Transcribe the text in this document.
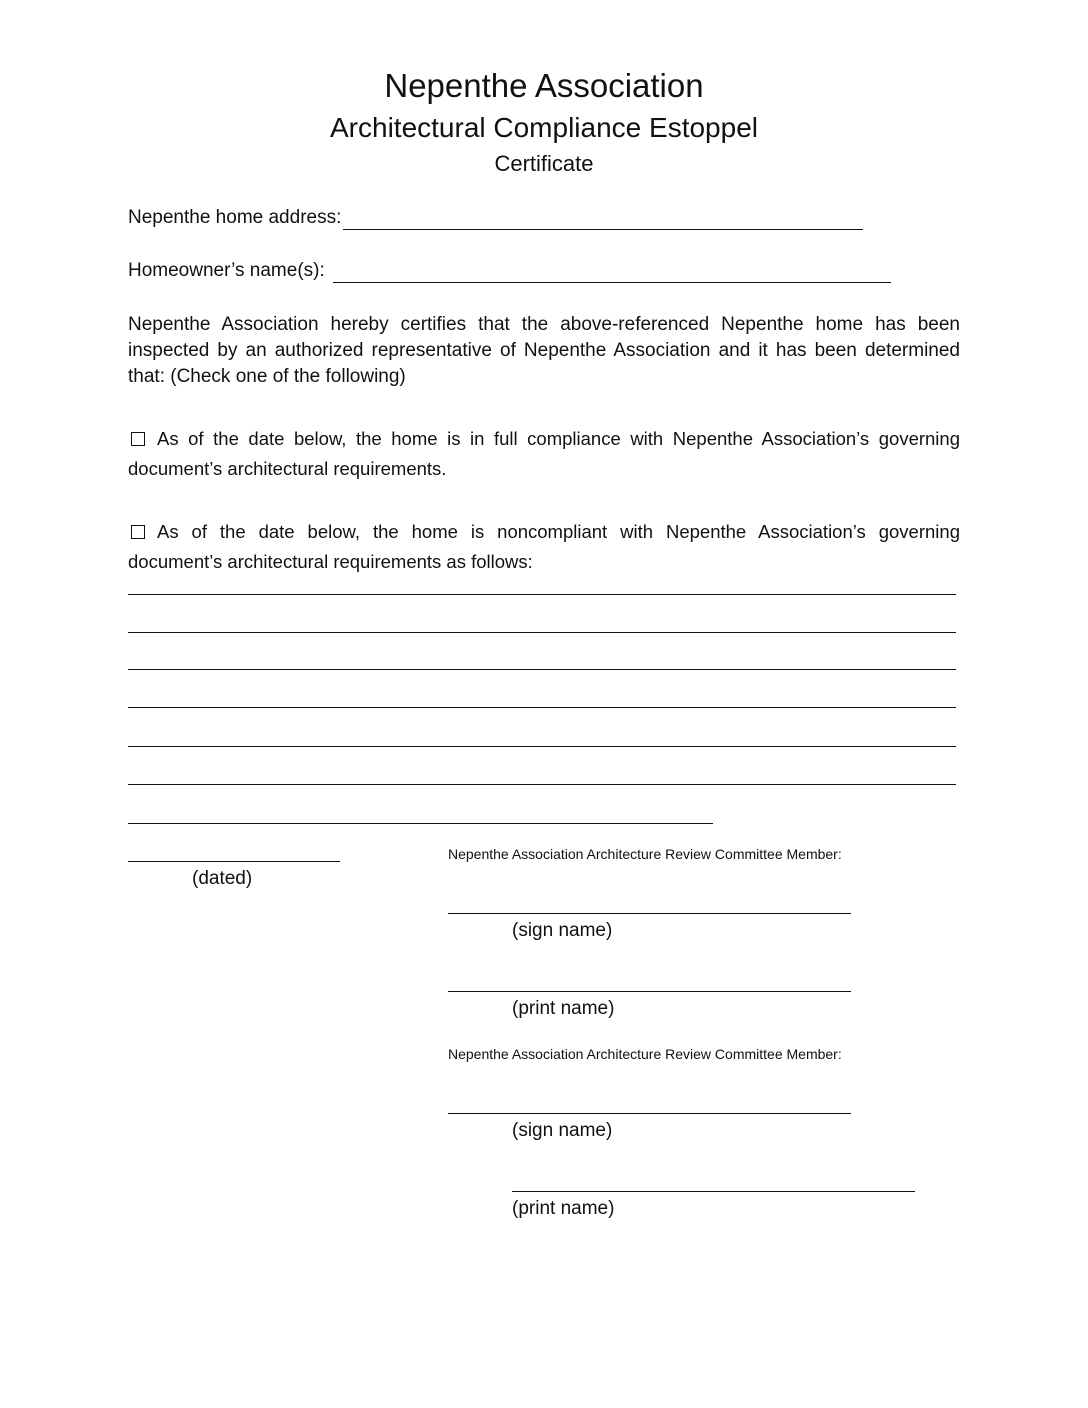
Nepenthe Association
Architectural Compliance Estoppel
Certificate
Nepenthe home address:
Homeowner’s name(s):
Nepenthe Association hereby certifies that the above-referenced Nepenthe home has been inspected by an authorized representative of Nepenthe Association and it has been determined that: (Check one of the following)
As of the date below, the home is in full compliance with Nepenthe Association’s governing document’s architectural requirements.
As of the date below, the home is noncompliant with Nepenthe Association’s governing document’s architectural requirements as follows:
(dated)
Nepenthe Association Architecture Review Committee Member:
(sign name)
(print name)
Nepenthe Association Architecture Review Committee Member:
(sign name)
(print name)
